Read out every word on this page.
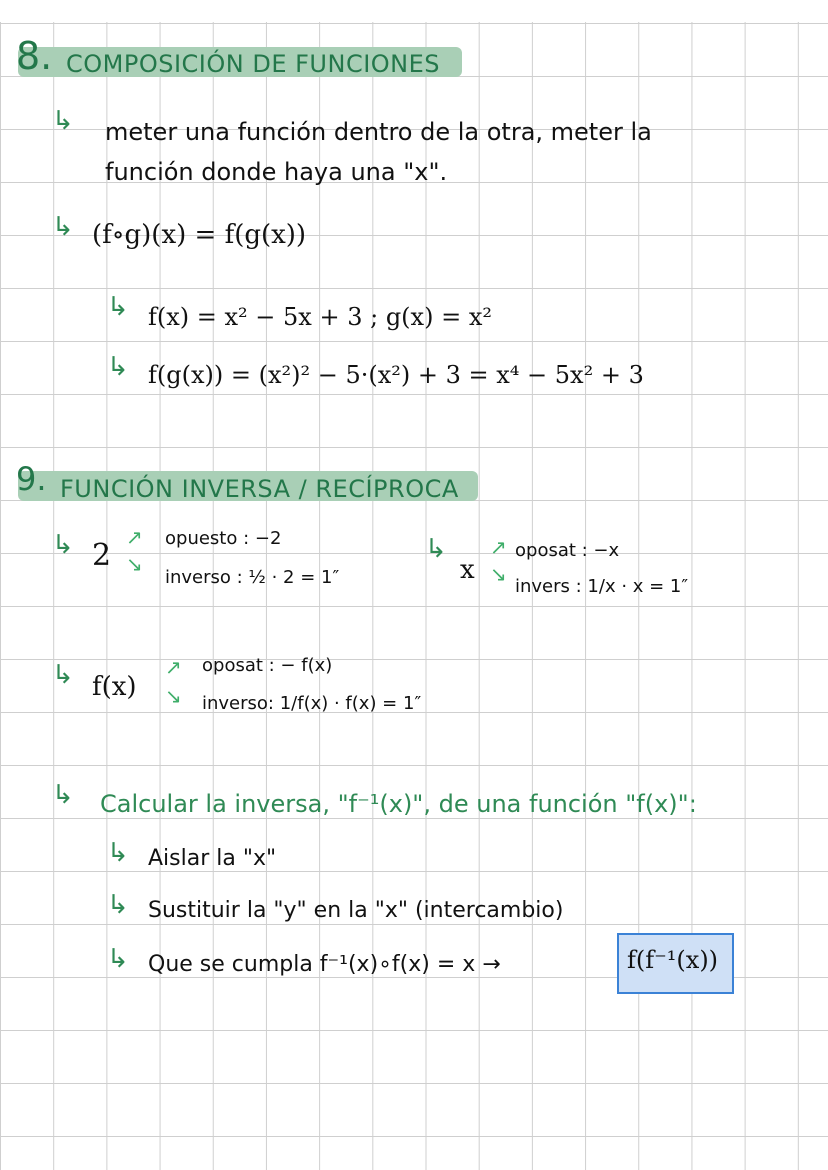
8. COMPOSICIÓN DE FUNCIONES
↳ meter una función dentro de la otra, meter la
función donde haya una "x".
↳ (f∘g)(x) = f(g(x))
↳ f(x) = x² − 5x + 3 ; g(x) = x²
↳ f(g(x)) = (x²)² − 5·(x²) + 3 = x⁴ − 5x² + 3
9. FUNCIÓN INVERSA / RECÍPROCA
↳ 2
↗
↘
opuesto : −2
inverso : ½ · 2 = 1″
↳
x
↗
↘
oposat : −x
invers : 1/x · x = 1″
↳ f(x)
↗
↘
oposat : − f(x)
inverso: 1/f(x) · f(x) = 1″
↳ Calcular la inversa, "f⁻¹(x)", de una función "f(x)":
↳ Aislar la "x"
↳ Sustituir la "y" en la "x" (intercambio)
↳ Que se cumpla f⁻¹(x)∘f(x) = x →	f(f⁻¹(x))
